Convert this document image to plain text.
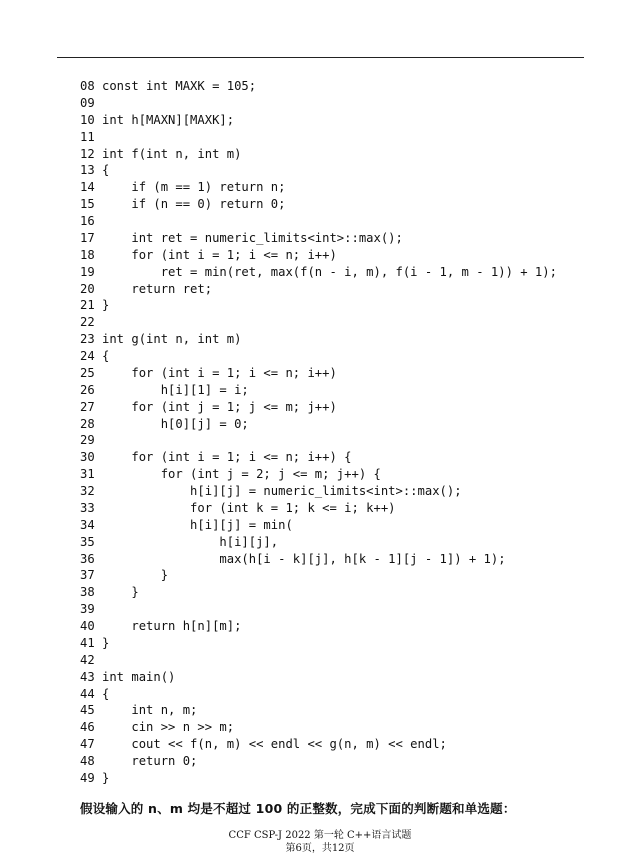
08 const int MAXK = 105;
09
10 int h[MAXN][MAXK];
11
12 int f(int n, int m)
13 {
14     if (m == 1) return n;
15     if (n == 0) return 0;
16
17     int ret = numeric_limits<int>::max();
18     for (int i = 1; i <= n; i++)
19         ret = min(ret, max(f(n - i, m), f(i - 1, m - 1)) + 1);
20     return ret;
21 }
22
23 int g(int n, int m)
24 {
25     for (int i = 1; i <= n; i++)
26         h[i][1] = i;
27     for (int j = 1; j <= m; j++)
28         h[0][j] = 0;
29
30     for (int i = 1; i <= n; i++) {
31         for (int j = 2; j <= m; j++) {
32             h[i][j] = numeric_limits<int>::max();
33             for (int k = 1; k <= i; k++)
34             h[i][j] = min(
35                 h[i][j],
36                 max(h[i - k][j], h[k - 1][j - 1]) + 1);
37         }
38     }
39
40     return h[n][m];
41 }
42
43 int main()
44 {
45     int n, m;
46     cin >> n >> m;
47     cout << f(n, m) << endl << g(n, m) << endl;
48     return 0;
49 }
假设输入的 n、m 均是不超过 100 的正整数，完成下面的判断题和单选题：
CCF CSP-J 2022 第一轮 C++语言试题
第6页，共12页
